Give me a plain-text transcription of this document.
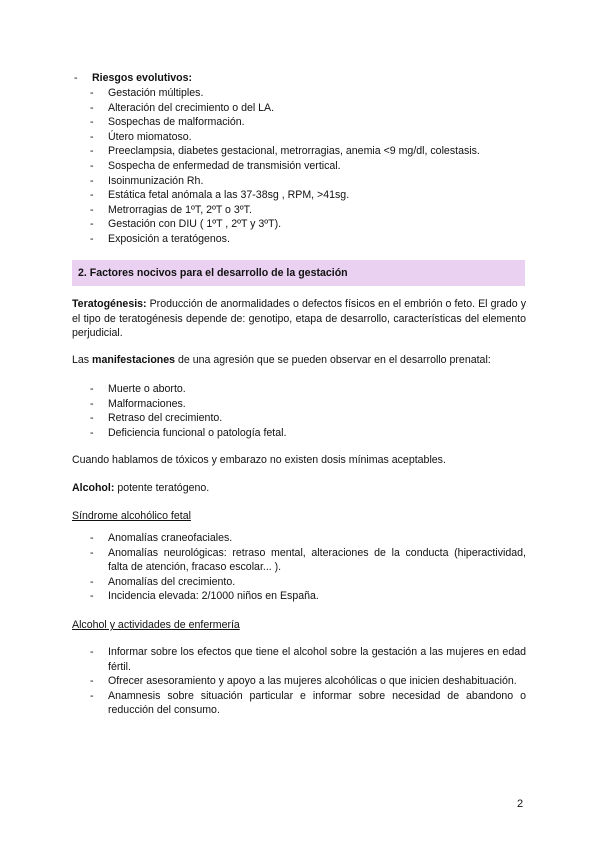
- Riesgos evolutivos:
- Gestación múltiples.
- Alteración del crecimiento o del LA.
- Sospechas de malformación.
- Útero miomatoso.
- Preeclampsia, diabetes gestacional, metrorragias, anemia <9 mg/dl, colestasis.
- Sospecha de enfermedad de transmisión vertical.
- Isoinmunización Rh.
- Estática fetal anómala a las 37-38sg , RPM, >41sg.
- Metrorragias de 1ºT, 2ºT o 3ºT.
- Gestación con DIU ( 1ºT , 2ºT y 3ºT).
- Exposición a teratógenos.
2. Factores nocivos para el desarrollo de la gestación

Teratogénesis: Producción de anormalidades o defectos físicos en el embrión o feto. El grado y el tipo de teratogénesis depende de: genotipo, etapa de desarrollo, características del elemento perjudicial.

Las manifestaciones de una agresión que se pueden observar en el desarrollo prenatal:

- Muerte o aborto.
- Malformaciones.
- Retraso del crecimiento.
- Deficiencia funcional o patología fetal.

Cuando hablamos de tóxicos y embarazo no existen dosis mínimas aceptables.

Alcohol: potente teratógeno.

Síndrome alcohólico fetal

- Anomalías craneofaciales.
- Anomalías neurológicas: retraso mental, alteraciones de la conducta (hiperactividad, falta de atención, fracaso escolar... ).
- Anomalías del crecimiento.
- Incidencia elevada: 2/1000 niños en España.

Alcohol y actividades de enfermería

- Informar sobre los efectos que tiene el alcohol sobre la gestación a las mujeres en edad fértil.
- Ofrecer asesoramiento y apoyo a las mujeres alcohólicas o que inicien deshabituación.
- Anamnesis sobre situación particular e informar sobre necesidad de abandono o reducción del consumo.
2
